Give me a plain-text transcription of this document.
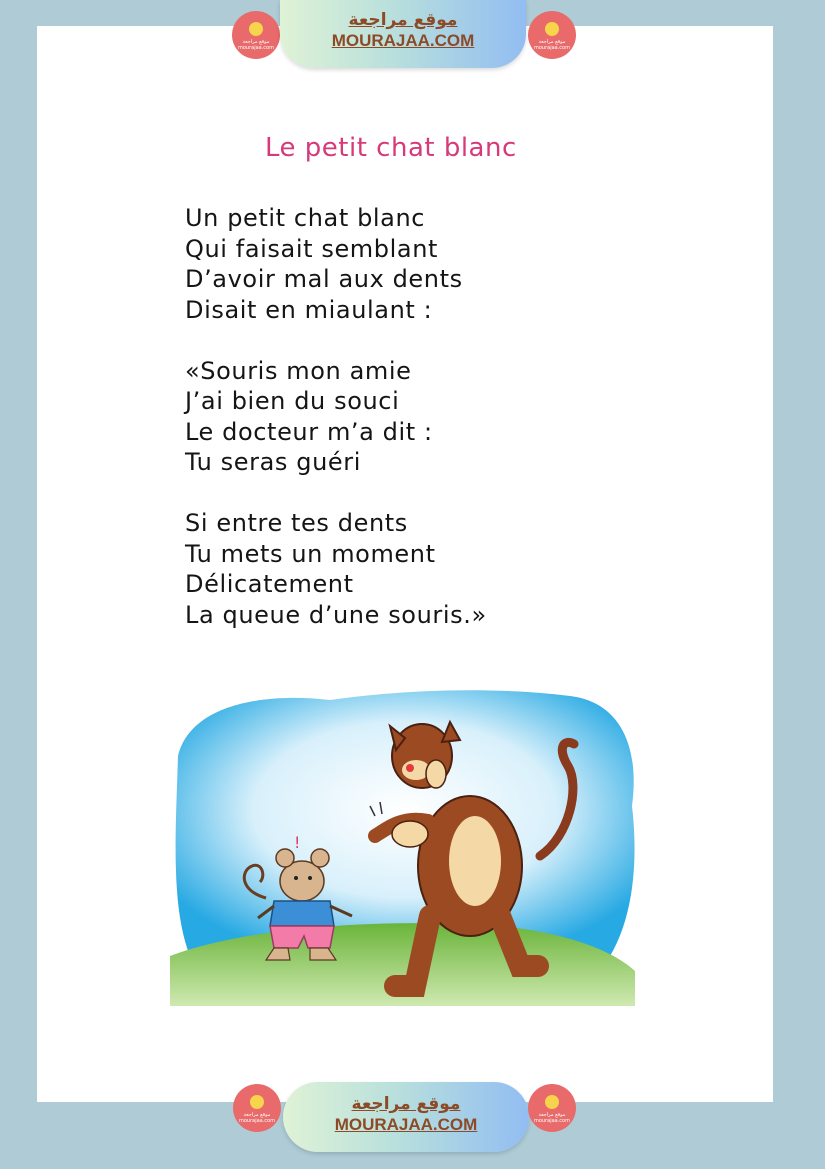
موقع مراجعة mourajaa.com
موقع مراجعة
MOURAJAA.COM	موقع مراجعة mourajaa.com
Le petit chat blanc
Un petit chat blanc
Qui faisait semblant
D’avoir mal aux dents
Disait en miaulant :
«Souris mon amie
J’ai bien du souci
Le docteur m’a dit :
Tu seras guéri
Si entre tes dents
Tu mets un moment
Délicatement
La queue d’une souris.»
!
موقع مراجعة mourajaa.com
موقع مراجعة
MOURAJAA.COM	موقع مراجعة mourajaa.com
